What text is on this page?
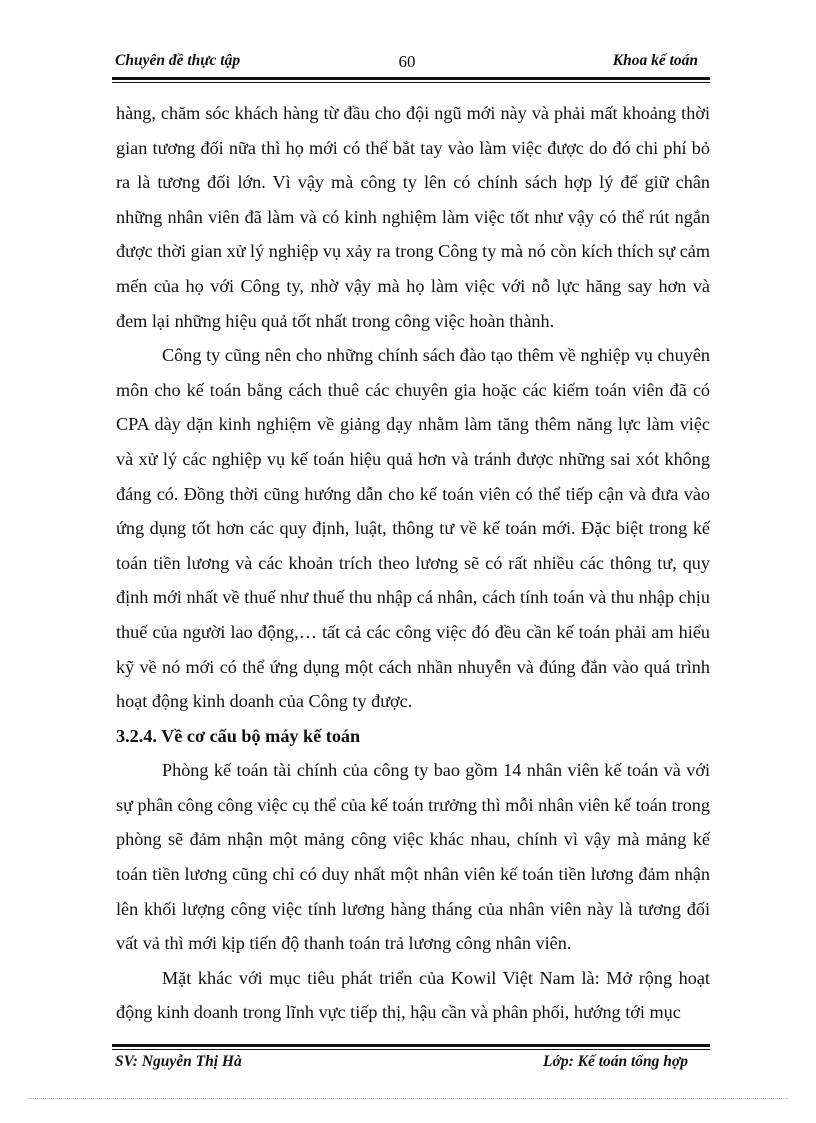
Chuyên đề thực tập	60	Khoa kế toán

hàng, chăm sóc khách hàng từ đầu cho đội ngũ mới này và phải mất khoảng thời gian tương đối nữa thì họ mới có thể bắt tay vào làm việc được do đó chi phí bỏ ra là tương đối lớn. Vì vậy mà công ty lên có chính sách hợp lý để giữ chân những nhân viên đã làm và có kinh nghiệm làm việc tốt như vậy có thể rút ngắn được thời gian xử lý nghiệp vụ xảy ra trong Công ty mà nó còn kích thích sự cảm mến của họ với Công ty, nhờ vậy mà họ làm việc với nỗ lực hăng say hơn và đem lại những hiệu quả tốt nhất trong công việc hoàn thành.

Công ty cũng nên cho những chính sách đào tạo thêm về nghiệp vụ chuyên môn cho kế toán bằng cách thuê các chuyên gia hoặc các kiểm toán viên đã có CPA dày dặn kinh nghiệm về giảng dạy nhằm làm tăng thêm năng lực làm việc và xử lý các nghiệp vụ kế toán hiệu quả hơn và tránh được những sai xót không đáng có. Đồng thời cũng hướng dẫn cho kế toán viên có thể tiếp cận và đưa vào ứng dụng tốt hơn các quy định, luật, thông tư về kế toán mới. Đặc biệt trong kế toán tiền lương và các khoản trích theo lương sẽ có rất nhiều các thông tư, quy định mới nhất về thuế như thuế thu nhập cá nhân, cách tính toán và thu nhập chịu thuế của người lao động,… tất cả các công việc đó đều cần kế toán phải am hiểu kỹ về nó mới có thể ứng dụng một cách nhần nhuyễn và đúng đắn vào quá trình hoạt động kinh doanh của Công ty được.

3.2.4. Về cơ cấu bộ máy kế toán

Phòng kế toán tài chính của công ty bao gồm 14 nhân viên kế toán và với sự phân công công việc cụ thể của kế toán trưởng thì mỗi nhân viên kế toán trong phòng sẽ đảm nhận một mảng công việc khác nhau, chính vì vậy mà mảng kế toán tiền lương cũng chỉ có duy nhất một nhân viên kế toán tiền lương đảm nhận lên khối lượng công việc tính lương hàng tháng của nhân viên này là tương đối vất vả thì mới kịp tiến độ thanh toán trả lương công nhân viên.

Mặt khác với mục tiêu phát triển của Kowil Việt Nam là: Mở rộng hoạt động kinh doanh trong lĩnh vực tiếp thị, hậu cần và phân phối, hướng tới mục

SV: Nguyễn Thị Hà	Lớp: Kế toán tổng hợp
